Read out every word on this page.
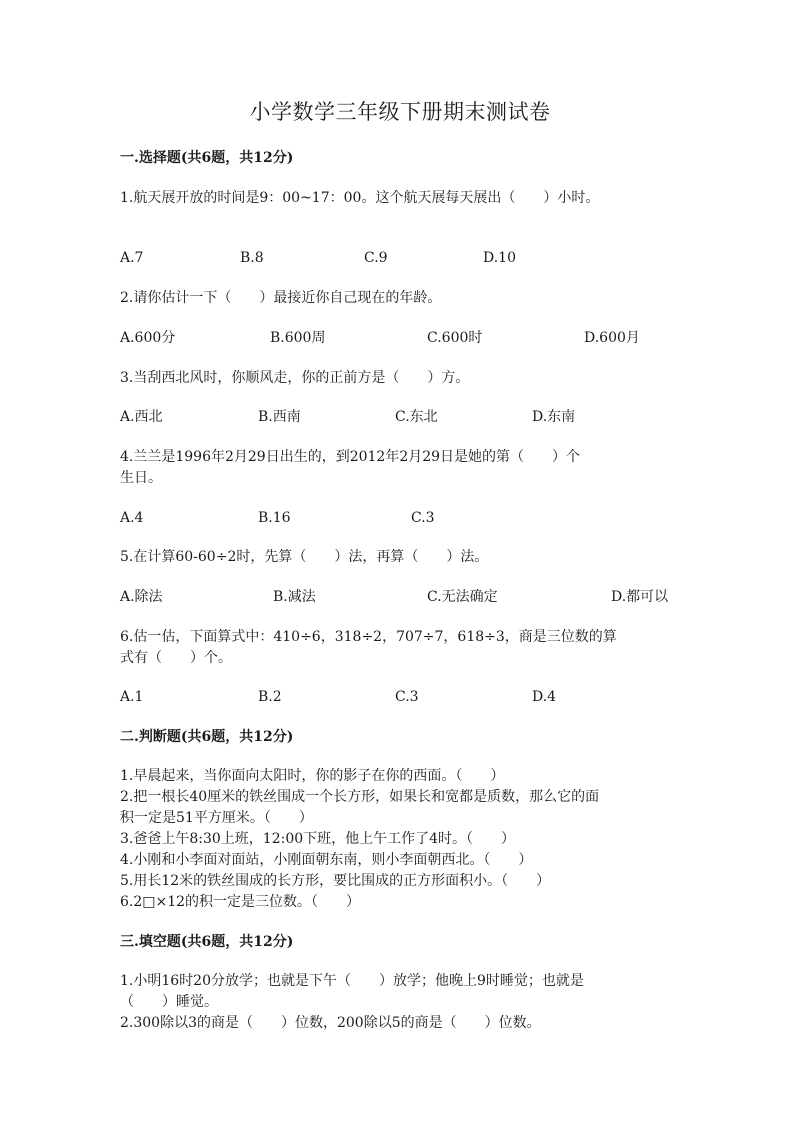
小学数学三年级下册期末测试卷
一.选择题(共6题，共12分)
1.航天展开放的时间是9：00~17：00。这个航天展每天展出（　　）小时。
A.7	B.8	C.9	D.10
2.请你估计一下（　　）最接近你自己现在的年龄。
A.600分	B.600周	C.600时	D.600月
3.当刮西北风时，你顺风走，你的正前方是（　　）方。
A.西北	B.西南	C.东北	D.东南
4.兰兰是1996年2月29日出生的，到2012年2月29日是她的第（　　）个
生日。
A.4	B.16	C.3
5.在计算60-60÷2时，先算（　　）法，再算（　　）法。
A.除法	B.减法	C.无法确定	D.都可以
6.估一估，下面算式中：410÷6，318÷2，707÷7，618÷3，商是三位数的算
式有（　　）个。
A.1	B.2	C.3	D.4
二.判断题(共6题，共12分)
1.早晨起来，当你面向太阳时，你的影子在你的西面。（　　）
2.把一根长40厘米的铁丝围成一个长方形，如果长和宽都是质数，那么它的面
积一定是51平方厘米。（　　）
3.爸爸上午8:30上班，12:00下班，他上午工作了4时。（　　）
4.小刚和小李面对面站，小刚面朝东南，则小李面朝西北。（　　）
5.用长12米的铁丝围成的长方形，要比围成的正方形面积小。（　　）
6.2□×12的积一定是三位数。（　　）
三.填空题(共6题，共12分)
1.小明16时20分放学；也就是下午（　　）放学；他晚上9时睡觉；也就是
（　　）睡觉。
2.300除以3的商是（　　）位数，200除以5的商是（　　）位数。
